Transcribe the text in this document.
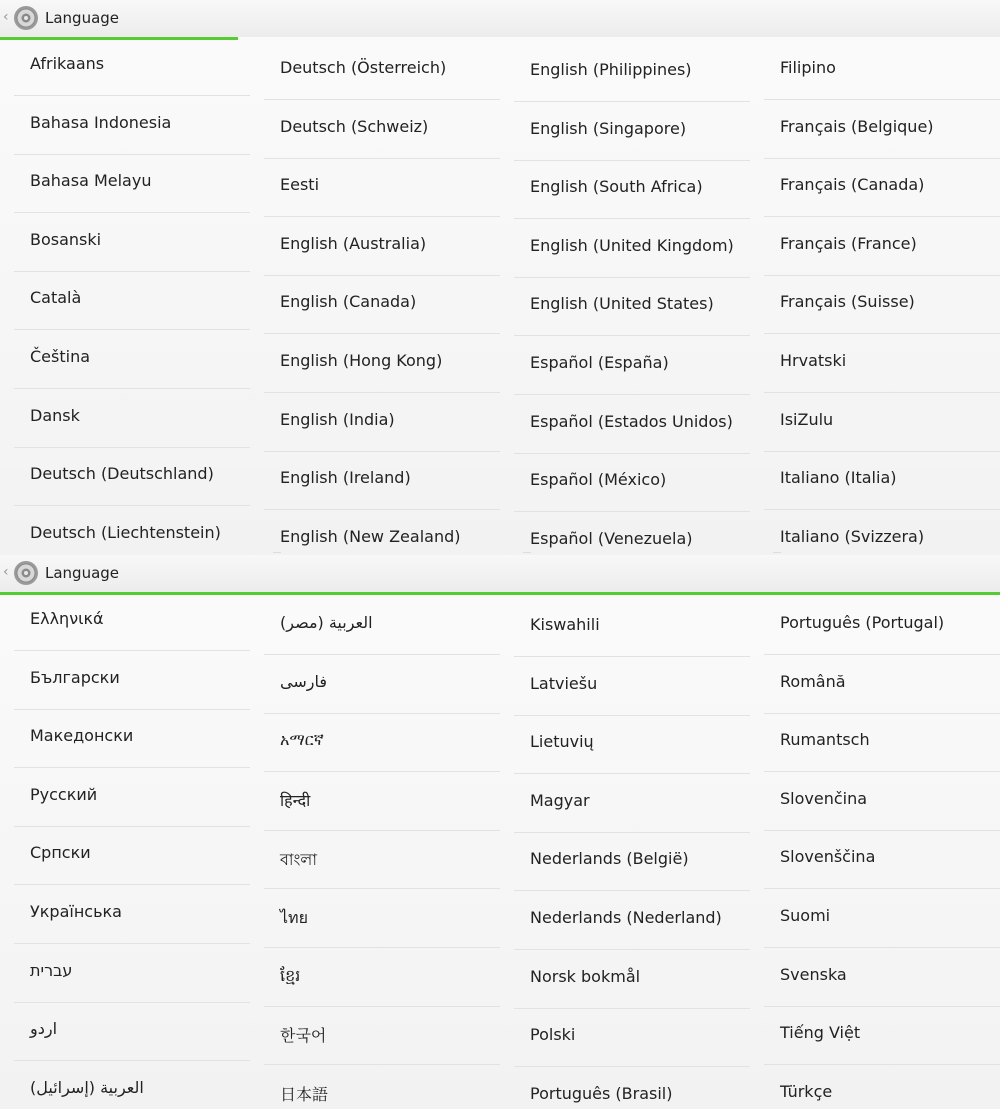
‹ Language
Afrikaans
Bahasa Indonesia
Bahasa Melayu
Bosanski
Català
Čeština
Dansk
Deutsch (Deutschland)
Deutsch (Liechtenstein)
Deutsch (Österreich)
Deutsch (Schweiz)
Eesti
English (Australia)
English (Canada)
English (Hong Kong)
English (India)
English (Ireland)
English (New Zealand)
English (Philippines)
English (Singapore)
English (South Africa)
English (United Kingdom)
English (United States)
Español (España)
Español (Estados Unidos)
Español (México)
Español (Venezuela)
Filipino
Français (Belgique)
Français (Canada)
Français (France)
Français (Suisse)
Hrvatski
IsiZulu
Italiano (Italia)
Italiano (Svizzera)
‹ Language
Ελληνικά
Български
Македонски
Русский
Српски
Українська
עברית
اردو
العربية (إسرائيل)
العربية (مصر)
فارسی
አማርኛ
हिन्दी
বাংলা
ไทย
ខ្មែរ
한국어
日本語
Kiswahili
Latviešu
Lietuvių
Magyar
Nederlands (België)
Nederlands (Nederland)
Norsk bokmål
Polski
Português (Brasil)
Português (Portugal)
Română
Rumantsch
Slovenčina
Slovenščina
Suomi
Svenska
Tiếng Việt
Türkçe
